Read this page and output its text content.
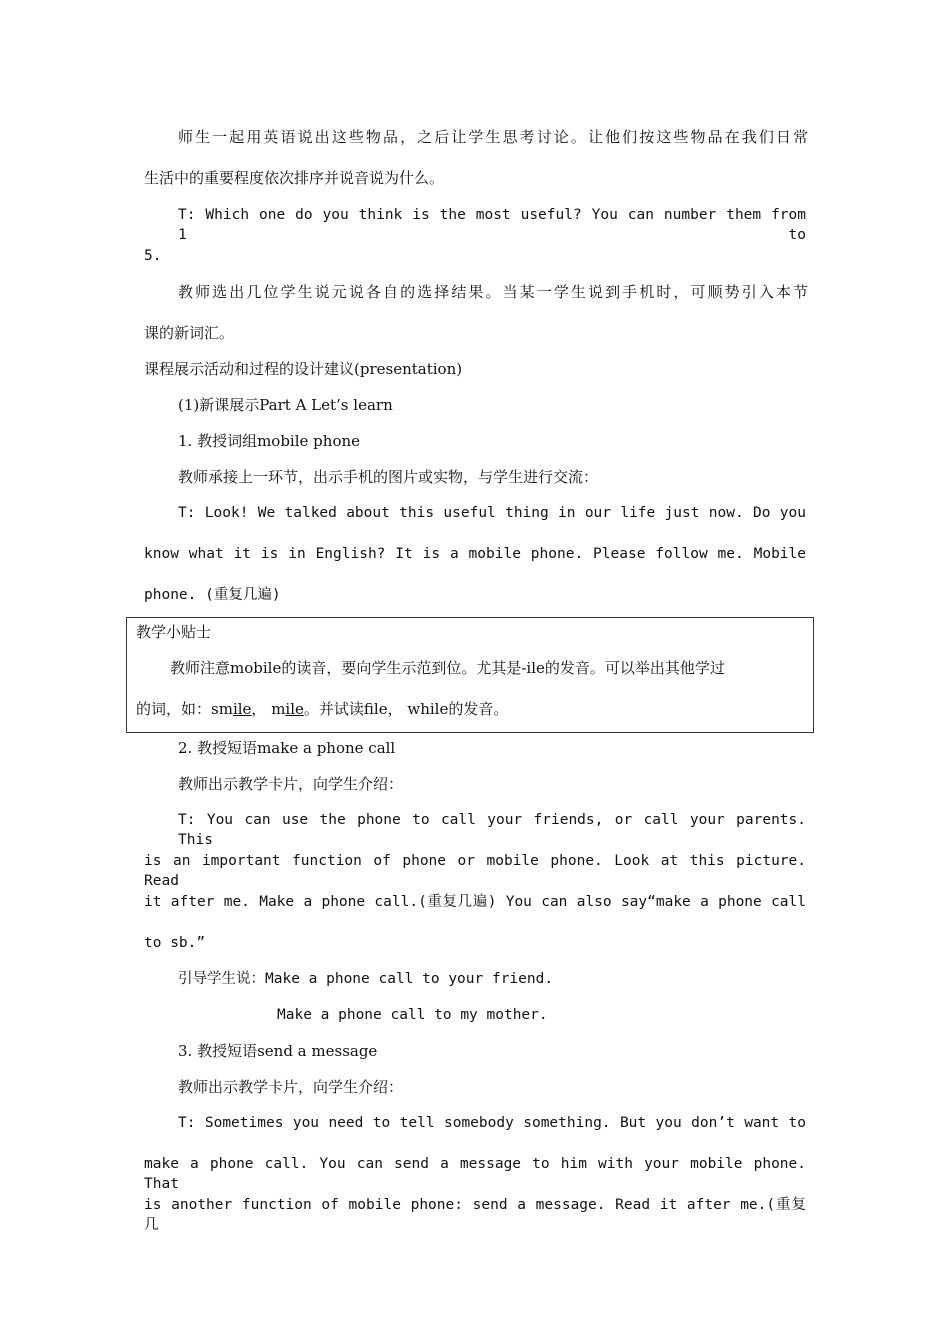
师生一起用英语说出这些物品，之后让学生思考讨论。让他们按这些物品在我们日常

生活中的重要程度依次排序并说音说为什么。

T: Which one do you think is the most useful? You can number them from 1 to

5.

教师选出几位学生说元说各自的选择结果。当某一学生说到手机时，可顺势引入本节

课的新词汇。

课程展示活动和过程的设计建议(presentation)

(1)新课展示Part A Let’s learn

1. 教授词组mobile phone

教师承接上一环节，出示手机的图片或实物，与学生进行交流：

T: Look! We talked about this useful thing in our life just now. Do you

know what it is in English? It is a mobile phone. Please follow me. Mobile

phone. (重复几遍)

教学小贴士

教师注意mobile的读音，要向学生示范到位。尤其是-ile的发音。可以举出其他学过

的词，如：smile， mile。并试读file， while的发音。

2. 教授短语make a phone call

教师出示教学卡片，向学生介绍：

T: You can use the phone to call your friends, or call your parents. This

is an important function of phone or mobile phone. Look at this picture. Read

it after me. Make a phone call.(重复几遍) You can also say“make a phone call

to sb.”

引导学生说：Make a phone call to your friend.

Make a phone call to my mother.

3. 教授短语send a message

教师出示教学卡片，向学生介绍：

T: Sometimes you need to tell somebody something. But you don’t want to

make a phone call. You can send a message to him with your mobile phone. That

is another function of mobile phone: send a message. Read it after me.(重复几
